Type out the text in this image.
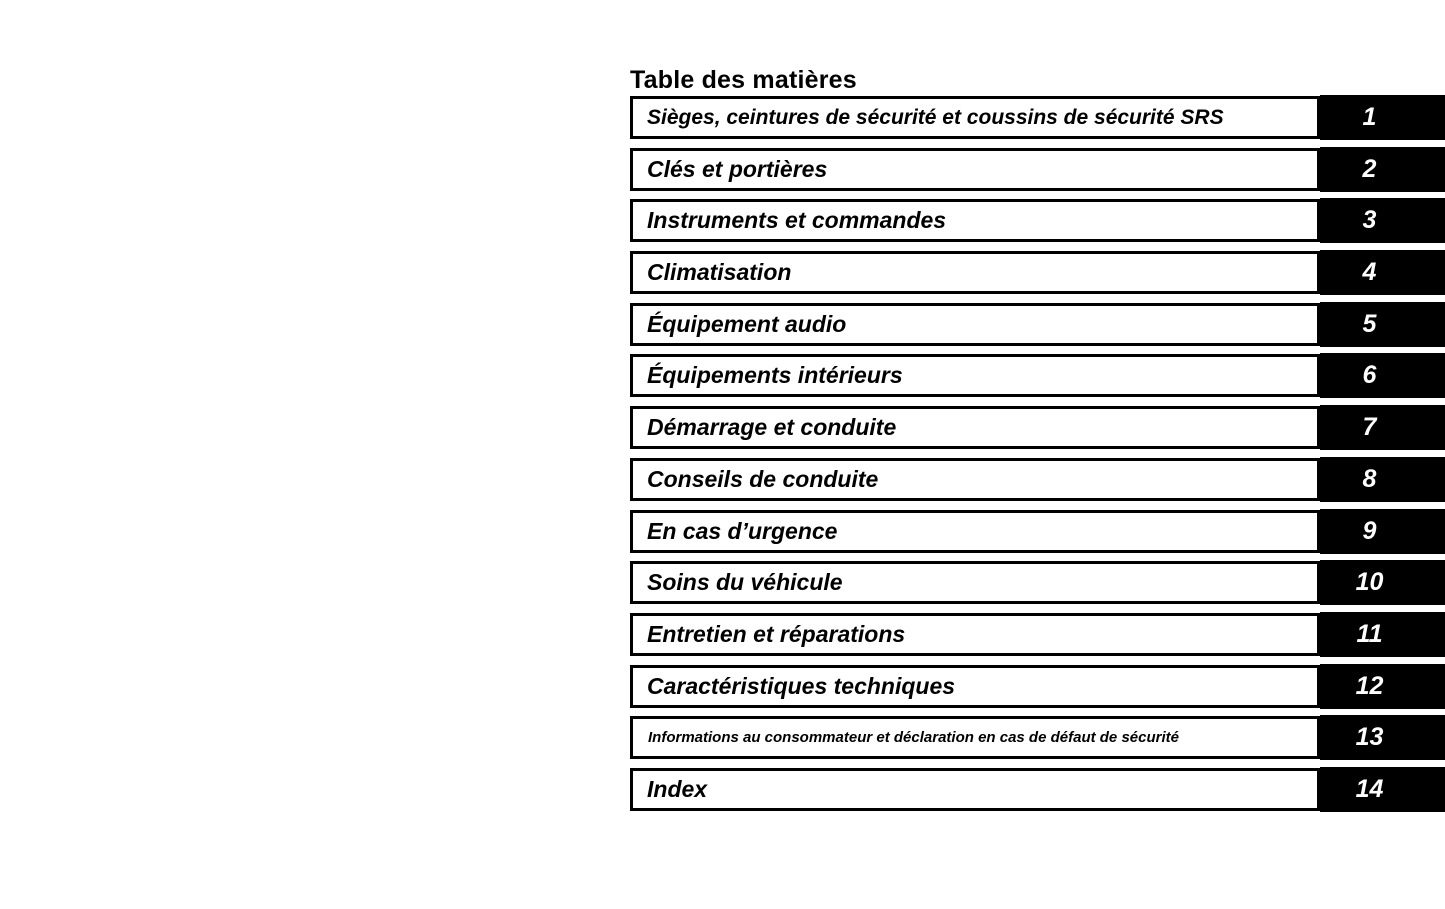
Table des matières
Sièges, ceintures de sécurité et coussins de sécurité SRS	1
Clés et portières	2
Instruments et commandes	3
Climatisation	4
Équipement audio	5
Équipements intérieurs	6
Démarrage et conduite	7
Conseils de conduite	8
En cas d’urgence	9
Soins du véhicule	10
Entretien et réparations	11
Caractéristiques techniques	12
Informations au consommateur et déclaration en cas de défaut de sécurité	13
Index	14
